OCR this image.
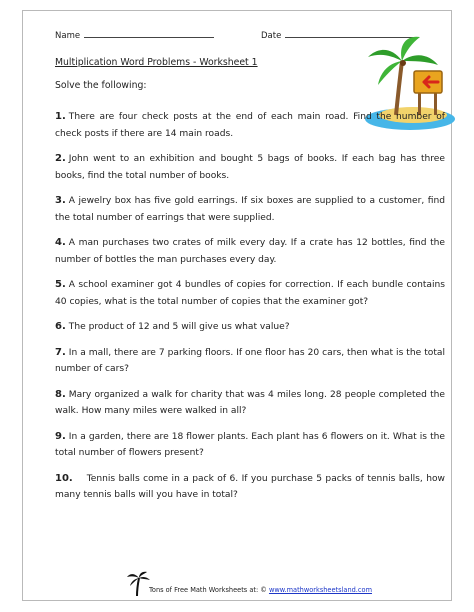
Name	Date
Multiplication Word Problems - Worksheet 1
Solve the following:
1. There are four check posts at the end of each main road. Find the number of check posts if there are 14 main roads.
2. John went to an exhibition and bought 5 bags of books. If each bag has three books, find the total number of books.
3. A jewelry box has five gold earrings. If six boxes are supplied to a customer, find the total number of earrings that were supplied.
4. A man purchases two crates of milk every day. If a crate has 12 bottles, find the number of bottles the man purchases every day.
5. A school examiner got 4 bundles of copies for correction. If each bundle contains 40 copies, what is the total number of copies that the examiner got?
6. The product of 12 and 5 will give us what value?
7. In a mall, there are 7 parking floors. If one floor has 20 cars, then what is the total number of cars?
8. Mary organized a walk for charity that was 4 miles long. 28 people completed the walk. How many miles were walked in all?
9. In a garden, there are 18 flower plants. Each plant has 6 flowers on it. What is the total number of flowers present?
10. Tennis balls come in a pack of 6. If you purchase 5 packs of tennis balls, how many tennis balls will you have in total?
Tons of Free Math Worksheets at: © www.mathworksheetsland.com
